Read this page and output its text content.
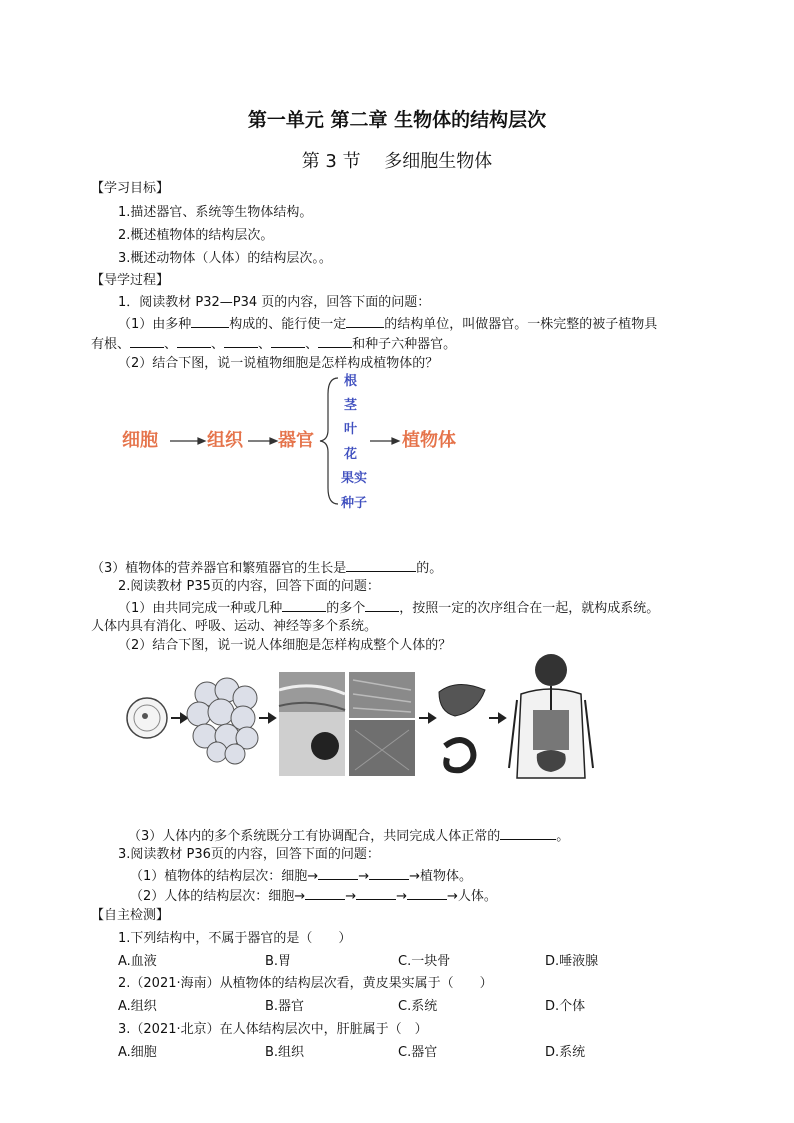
第一单元 第二章 生物体的结构层次
第 3 节　 多细胞生物体
【学习目标】
1.描述器官、系统等生物体结构。
2.概述植物体的结构层次。
3.概述动物体（人体）的结构层次。。
【导学过程】
1．阅读教材 P32—P34 页的内容，回答下面的问题：
（1）由多种	构成的、能行使一定	的结构单位，叫做器官。一株完整的被子植物具
有根、	、	、	、	、	和种子六种器官。
（2）结合下图，说一说植物细胞是怎样构成植物体的？
细胞	组织 器官	植物体
根
茎
叶
花
果实
种子
（3）植物体的营养器官和繁殖器官的生长是	的。
2.阅读教材 P35页的内容，回答下面的问题：
（1）由共同完成一种或几种	的多个	，按照一定的次序组合在一起，就构成系统。
人体内具有消化、呼吸、运动、神经等多个系统。
（2）结合下图，说一说人体细胞是怎样构成整个人体的？
（3）人体内的多个系统既分工有协调配合，共同完成人体正常的	。
3.阅读教材 P36页的内容，回答下面的问题：
（1）植物体的结构层次：细胞→	→	→植物体。
（2）人体的结构层次：细胞→	→	→	→人体。
【自主检测】
1.下列结构中，不属于器官的是（　　）
A.血液	B.胃	C.一块骨	D.唾液腺
2.（2021·海南）从植物体的结构层次看，黄皮果实属于（　　）
A.组织	B.器官	C.系统	D.个体
3.（2021·北京）在人体结构层次中，肝脏属于（　）
A.细胞	B.组织	C.器官	D.系统
